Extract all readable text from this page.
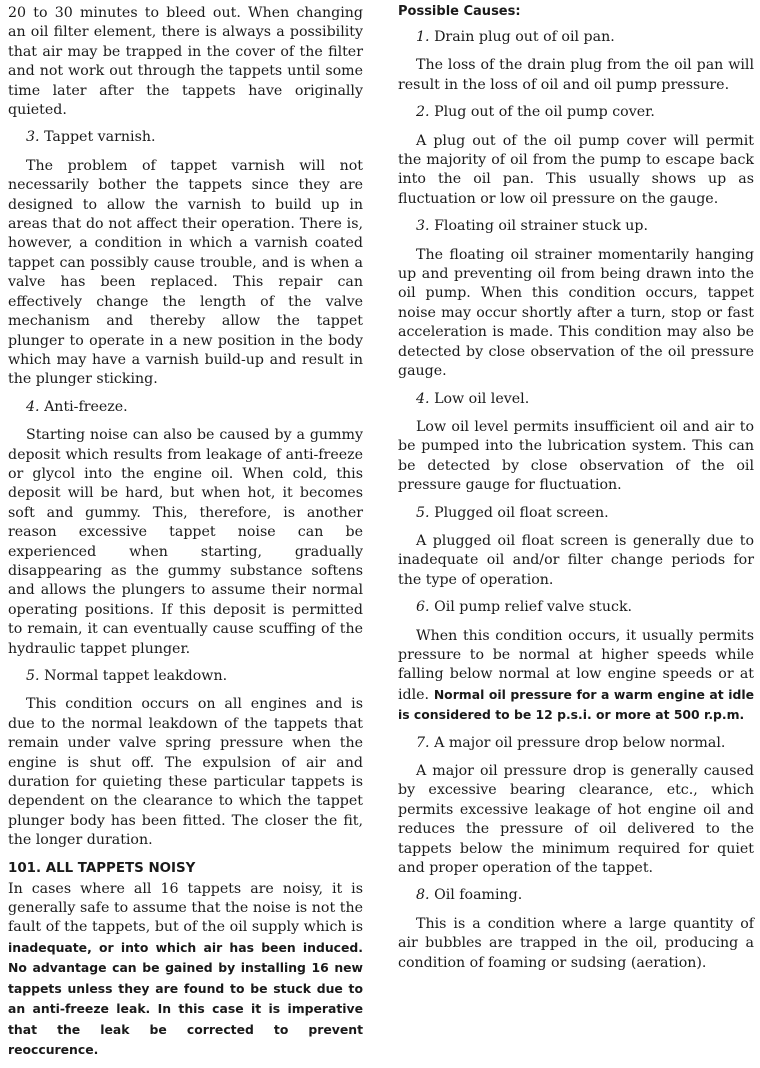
20 to 30 minutes to bleed out. When changing an oil filter element, there is always a possibility that air may be trapped in the cover of the filter and not work out through the tappets until some time later after the tappets have originally quieted.

3. Tappet varnish.

The problem of tappet varnish will not necessarily bother the tappets since they are designed to allow the varnish to build up in areas that do not affect their operation. There is, however, a condition in which a varnish coated tappet can possibly cause trouble, and is when a valve has been replaced. This repair can effectively change the length of the valve mechanism and thereby allow the tappet plunger to operate in a new position in the body which may have a varnish build-up and result in the plunger sticking.

4. Anti-freeze.

Starting noise can also be caused by a gummy deposit which results from leakage of anti-freeze or glycol into the engine oil. When cold, this deposit will be hard, but when hot, it becomes soft and gummy. This, therefore, is another reason excessive tappet noise can be experienced when starting, gradually disappearing as the gummy substance softens and allows the plungers to assume their normal operating positions. If this deposit is permitted to remain, it can eventually cause scuffing of the hydraulic tappet plunger.

5. Normal tappet leakdown.

This condition occurs on all engines and is due to the normal leakdown of the tappets that remain under valve spring pressure when the engine is shut off. The expulsion of air and duration for quieting these particular tappets is dependent on the clearance to which the tappet plunger body has been fitted. The closer the fit, the longer duration.

101. ALL TAPPETS NOISY

In cases where all 16 tappets are noisy, it is generally safe to assume that the noise is not the fault of the tappets, but of the oil supply which is inadequate, or into which air has been induced. No advantage can be gained by installing 16 new tappets unless they are found to be stuck due to an anti-freeze leak. In this case it is imperative that the leak be corrected to prevent reoccurence.

Possible Causes:

1. Drain plug out of oil pan.

The loss of the drain plug from the oil pan will result in the loss of oil and oil pump pressure.

2. Plug out of the oil pump cover.

A plug out of the oil pump cover will permit the majority of oil from the pump to escape back into the oil pan. This usually shows up as fluctuation or low oil pressure on the gauge.

3. Floating oil strainer stuck up.

The floating oil strainer momentarily hanging up and preventing oil from being drawn into the oil pump. When this condition occurs, tappet noise may occur shortly after a turn, stop or fast acceleration is made. This condition may also be detected by close observation of the oil pressure gauge.

4. Low oil level.

Low oil level permits insufficient oil and air to be pumped into the lubrication system. This can be detected by close observation of the oil pressure gauge for fluctuation.

5. Plugged oil float screen.

A plugged oil float screen is generally due to inadequate oil and/or filter change periods for the type of operation.

6. Oil pump relief valve stuck.

When this condition occurs, it usually permits pressure to be normal at higher speeds while falling below normal at low engine speeds or at idle. Normal oil pressure for a warm engine at idle is considered to be 12 p.s.i. or more at 500 r.p.m.

7. A major oil pressure drop below normal.

A major oil pressure drop is generally caused by excessive bearing clearance, etc., which permits excessive leakage of hot engine oil and reduces the pressure of oil delivered to the tappets below the minimum required for quiet and proper operation of the tappet.

8. Oil foaming.

This is a condition where a large quantity of air bubbles are trapped in the oil, producing a condition of foaming or sudsing (aeration).
